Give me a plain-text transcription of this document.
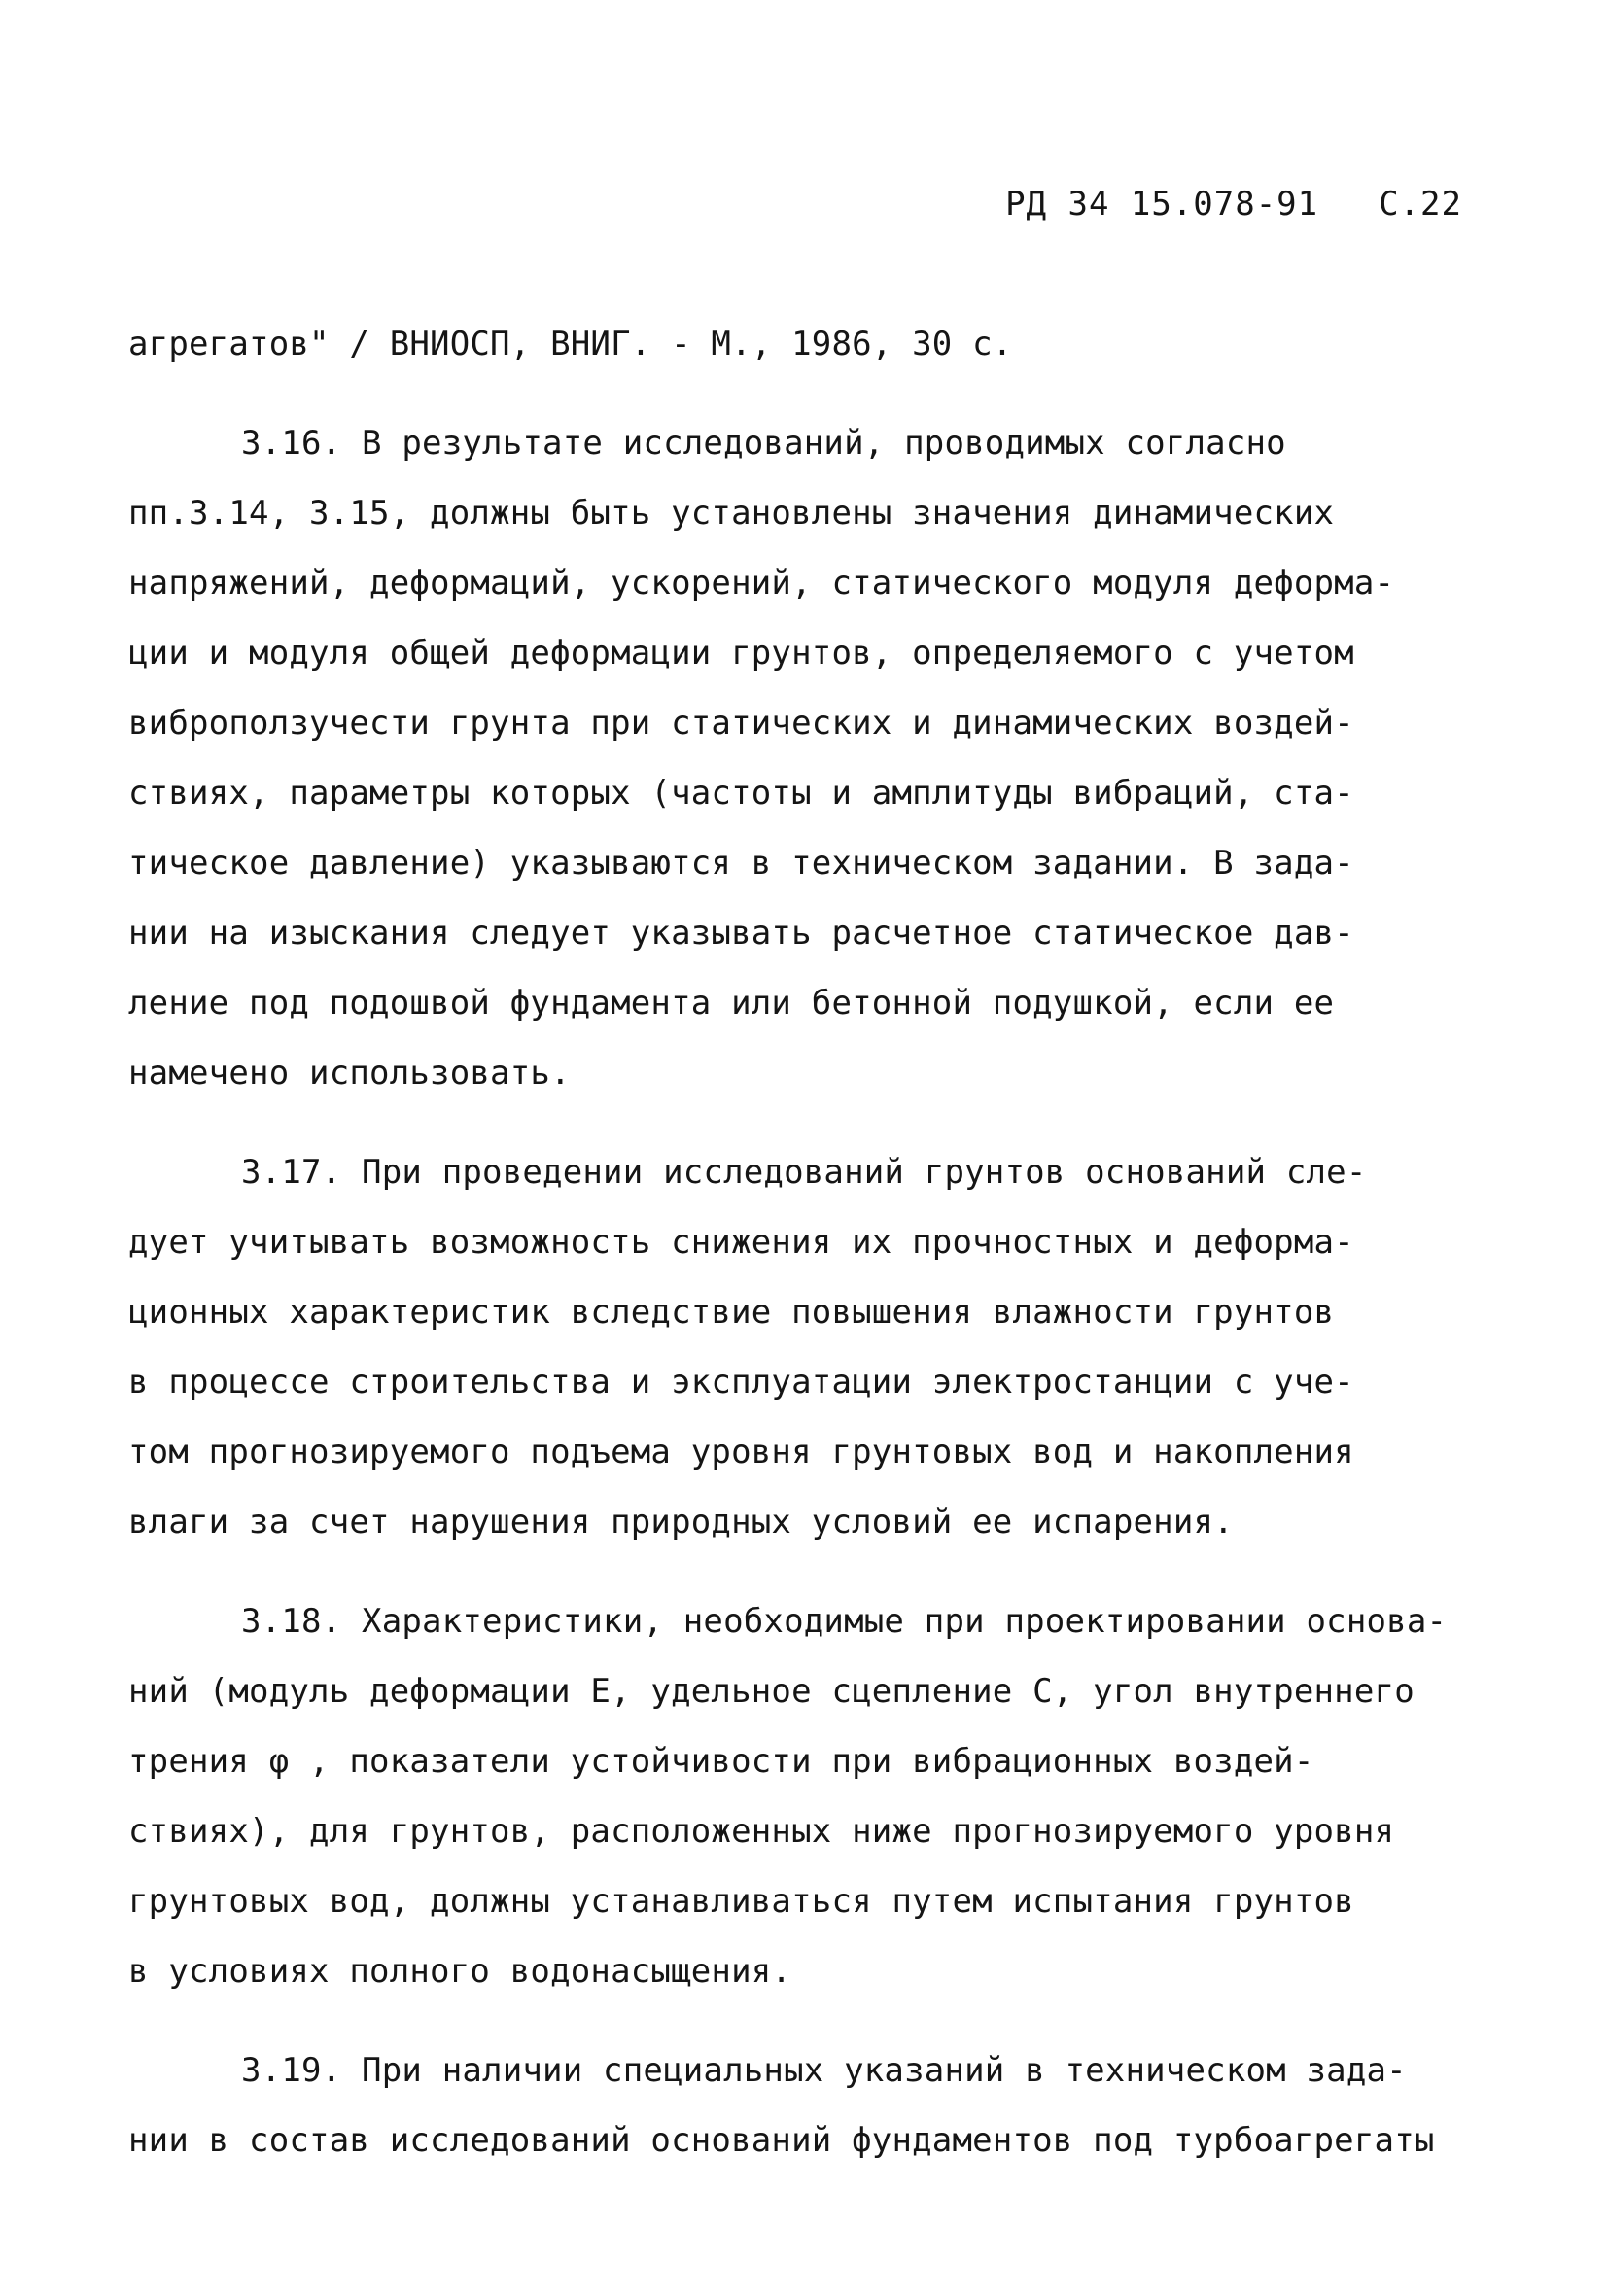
РД 34 15.078-91 С.22
агрегатов" / ВНИОСП, ВНИГ. - М., 1986, 30 с.
3.16. В результате исследований, проводимых согласно
пп.3.14, 3.15, должны быть установлены значения динамических
напряжений, деформаций, ускорений, статического модуля деформа-
ции и модуля общей деформации грунтов, определяемого с учетом
виброползучести грунта при статических и динамических воздей-
ствиях, параметры которых (частоты и амплитуды вибраций, ста-
тическое давление) указываются в техническом задании. В зада-
нии на изыскания следует указывать расчетное статическое дав-
ление под подошвой фундамента или бетонной подушкой, если ее
намечено использовать.
3.17. При проведении исследований грунтов оснований сле-
дует учитывать возможность снижения их прочностных и деформа-
ционных характеристик вследствие повышения влажности грунтов
в процессе строительства и эксплуатации электростанции с уче-
том прогнозируемого подъема уровня грунтовых вод и накопления
влаги за счет нарушения природных условий ее испарения.
3.18. Характеристики, необходимые при проектировании основа-
ний (модуль деформации Е, удельное сцепление С, угол внутреннего
трения φ , показатели устойчивости при вибрационных воздей-
ствиях), для грунтов, расположенных ниже прогнозируемого уровня
грунтовых вод, должны устанавливаться путем испытания грунтов
в условиях полного водонасыщения.
3.19. При наличии специальных указаний в техническом зада-
нии в состав исследований оснований фундаментов под турбоагрегаты
